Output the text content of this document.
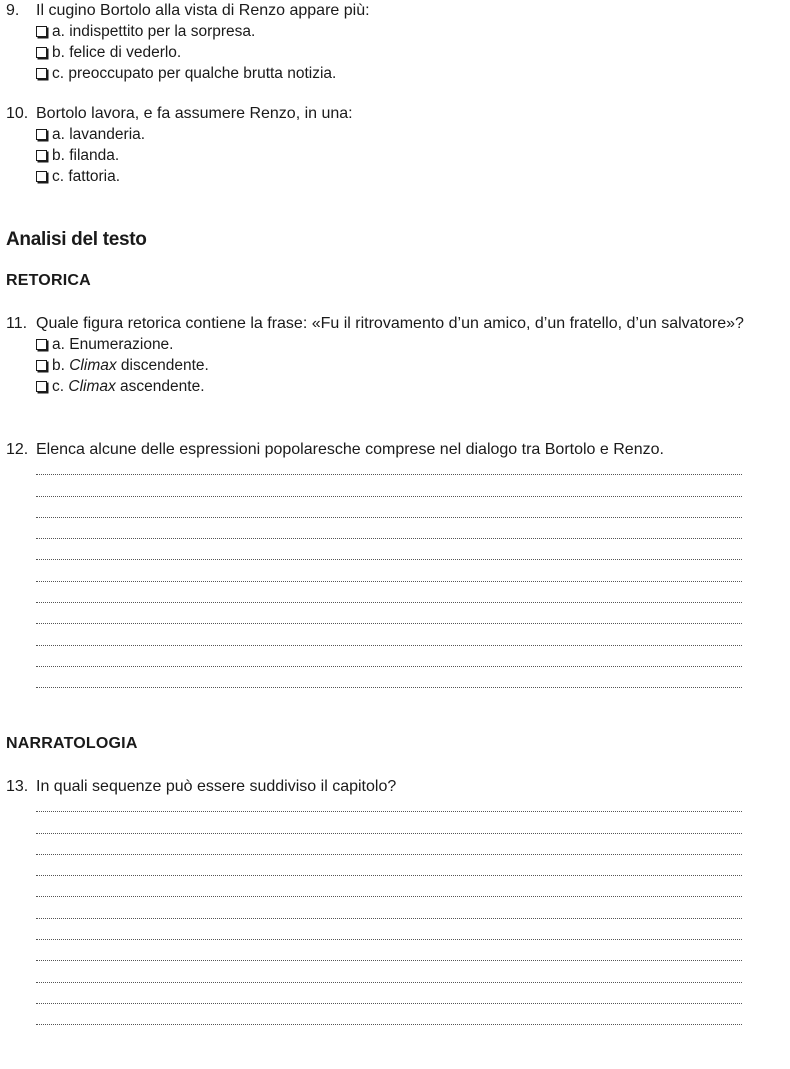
9.	Il cugino Bortolo alla vista di Renzo appare più:
a. indispettito per la sorpresa.
b. felice di vederlo.
c. preoccupato per qualche brutta notizia.
10. Bortolo lavora, e fa assumere Renzo, in una:
a. lavanderia.
b. filanda.
c. fattoria.
Analisi del testo
RETORICA
11. Quale figura retorica contiene la frase: «Fu il ritrovamento d’un amico, d’un fratello, d’un salvatore»?
a. Enumerazione.
b. Climax discendente.
c. Climax ascendente.
12. Elenca alcune delle espressioni popolaresche comprese nel dialogo tra Bortolo e Renzo.
NARRATOLOGIA
13. In quali sequenze può essere suddiviso il capitolo?
